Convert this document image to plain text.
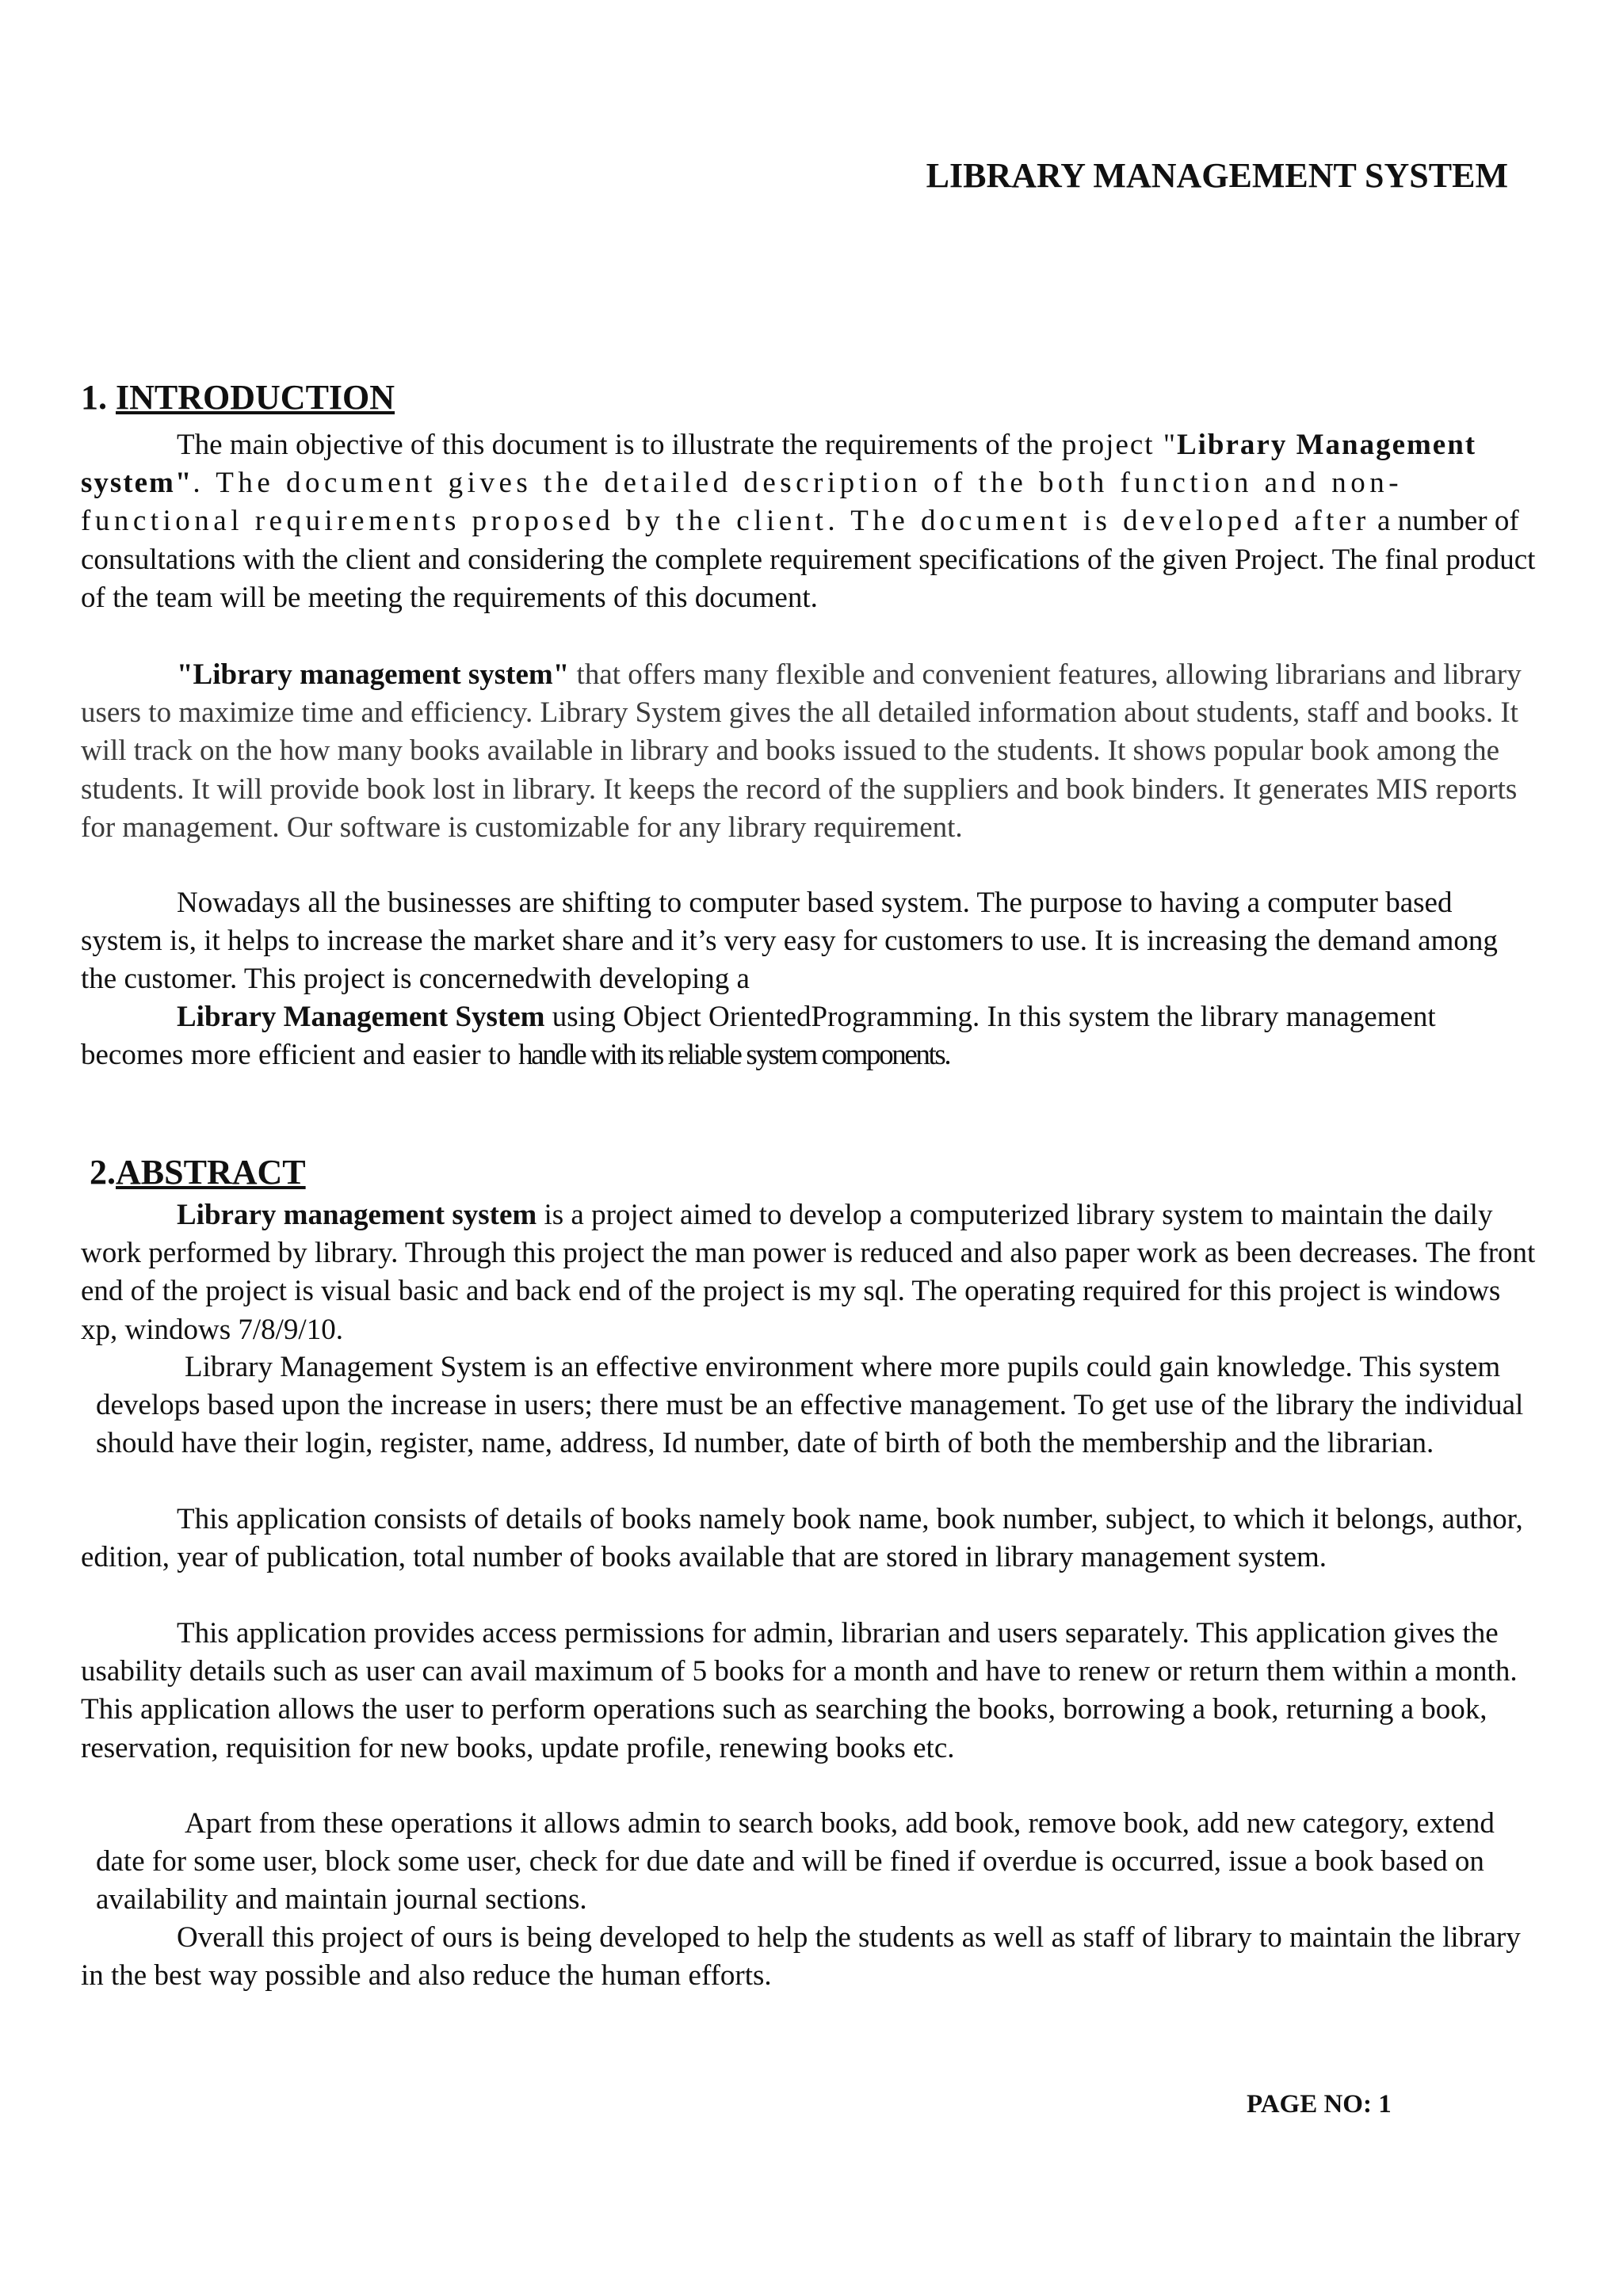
LIBRARY MANAGEMENT SYSTEM
1. INTRODUCTION

The main objective of this document is to illustrate the requirements of the project "Library Management system". The document gives the detailed description of the both function and non-functional requirements proposed by the client. The document is developed after a number of consultations with the client and considering the complete requirement specifications of the given Project. The final product of the team will be meeting the requirements of this document.

"Library management system" that offers many flexible and convenient features, allowing librarians and library users to maximize time and efficiency. Library System gives the all detailed information about students, staff and books. It will track on the how many books available in library and books issued to the students. It shows popular book among the students. It will provide book lost in library. It keeps the record of the suppliers and book binders. It generates MIS reports for management. Our software is customizable for any library requirement.

Nowadays all the businesses are shifting to computer based system. The purpose to having a computer based system is, it helps to increase the market share and it’s very easy for customers to use. It is increasing the demand among the customer. This project is concernedwith developing a

Library Management System using Object OrientedProgramming. In this system the library management becomes more efficient and easier to handle with its reliable system components.

2.ABSTRACT

Library management system is a project aimed to develop a computerized library system to maintain the daily work performed by library. Through this project the man power is reduced and also paper work as been decreases. The front end of the project is visual basic and back end of the project is my sql. The operating required for this project is windows xp, windows 7/8/9/10.

Library Management System is an effective environment where more pupils could gain knowledge. This system develops based upon the increase in users; there must be an effective management. To get use of the library the individual should have their login, register, name, address, Id number, date of birth of both the membership and the librarian.

This application consists of details of books namely book name, book number, subject, to which it belongs, author, edition, year of publication, total number of books available that are stored in library management system.

This application provides access permissions for admin, librarian and users separately. This application gives the usability details such as user can avail maximum of 5 books for a month and have to renew or return them within a month. This application allows the user to perform operations such as searching the books, borrowing a book, returning a book, reservation, requisition for new books, update profile, renewing books etc.

Apart from these operations it allows admin to search books, add book, remove book, add new category, extend date for some user, block some user, check for due date and will be fined if overdue is occurred, issue a book based on availability and maintain journal sections.

Overall this project of ours is being developed to help the students as well as staff of library to maintain the library in the best way possible and also reduce the human efforts.

PAGE NO: 1
